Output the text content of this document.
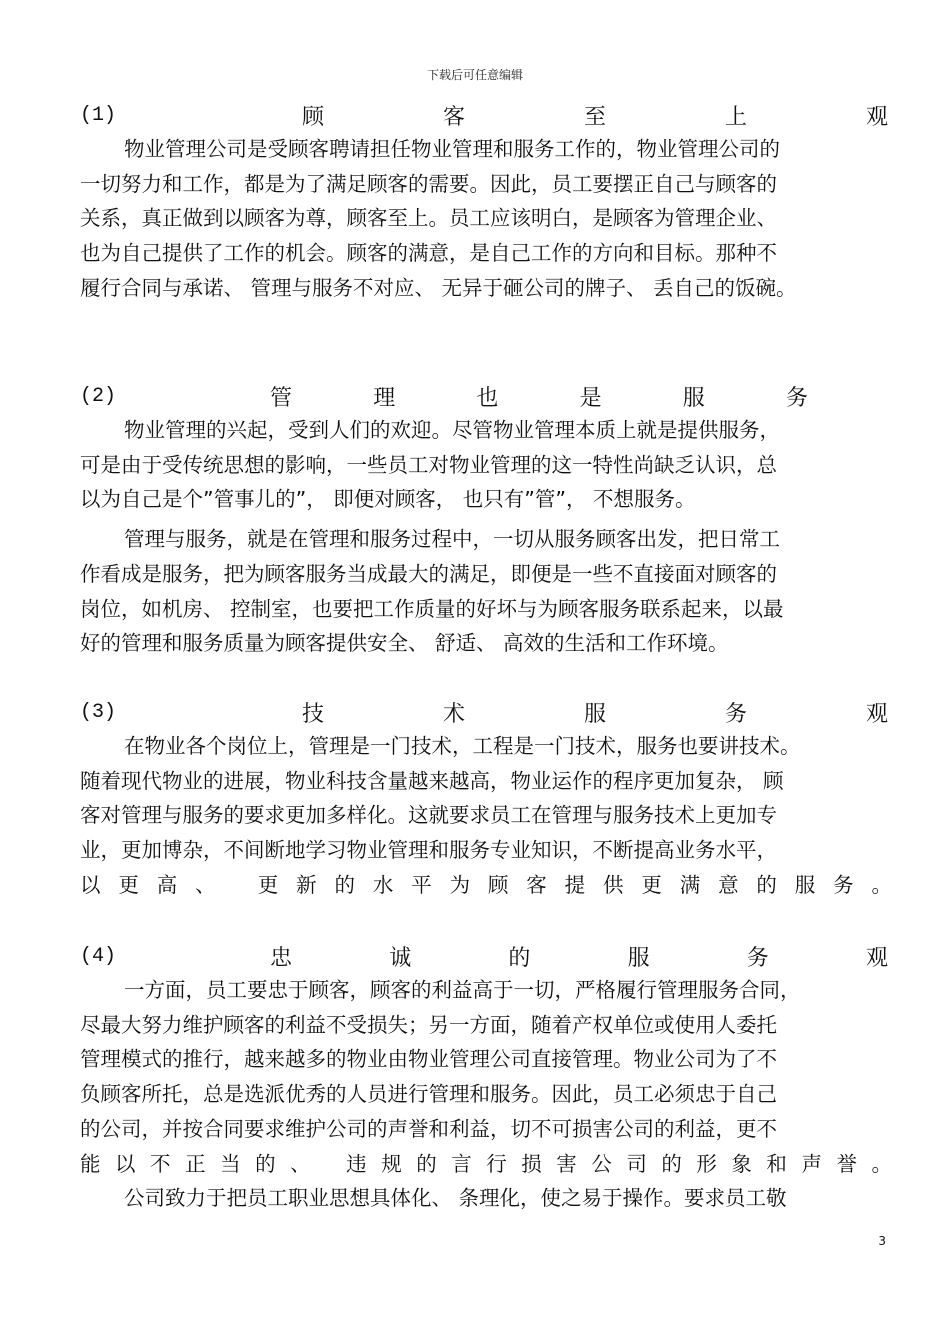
下载后可任意编辑
(1)	顾	客	至	上	观

物业管理公司是受顾客聘请担任物业管理和服务工作的，物业管理公司的

一切努力和工作，都是为了满足顾客的需要。因此，员工要摆正自己与顾客的

关系，真正做到以顾客为尊，顾客至上。员工应该明白，是顾客为管理企业、

也为自己提供了工作的机会。顾客的满意，是自己工作的方向和目标。那种不

履行合同与承诺、 管理与服务不对应、 无异于砸公司的牌子、 丢自己的饭碗。

(2)	管	理	也	是	服	务

物业管理的兴起，受到人们的欢迎。尽管物业管理本质上就是提供服务，

可是由于受传统思想的影响，一些员工对物业管理的这一特性尚缺乏认识，总

以为自己是个”管事儿的”， 即便对顾客， 也只有”管”， 不想服务。

管理与服务，就是在管理和服务过程中，一切从服务顾客出发，把日常工

作看成是服务，把为顾客服务当成最大的满足，即便是一些不直接面对顾客的

岗位，如机房、 控制室，也要把工作质量的好坏与为顾客服务联系起来，以最

好的管理和服务质量为顾客提供安全、 舒适、 高效的生活和工作环境。

(3)	技	术	服	务	观

在物业各个岗位上，管理是一门技术，工程是一门技术，服务也要讲技术。

随着现代物业的进展，物业科技含量越来越高，物业运作的程序更加复杂， 顾

客对管理与服务的要求更加多样化。这就要求员工在管理与服务技术上更加专

业，更加博杂，不间断地学习物业管理和服务专业知识，不断提高业务水平，

以更高、 更新的水平为顾客提供更满意的服务。

(4)	忠	诚	的	服	务	观

一方面，员工要忠于顾客，顾客的利益高于一切，严格履行管理服务合同，

尽最大努力维护顾客的利益不受损失；另一方面，随着产权单位或使用人委托

管理模式的推行，越来越多的物业由物业管理公司直接管理。物业公司为了不

负顾客所托，总是选派优秀的人员进行管理和服务。因此，员工必须忠于自己

的公司，并按合同要求维护公司的声誉和利益，切不可损害公司的利益，更不

能以不正当的、 违规的言行损害公司的形象和声誉。

公司致力于把员工职业思想具体化、 条理化，使之易于操作。要求员工敬

3
